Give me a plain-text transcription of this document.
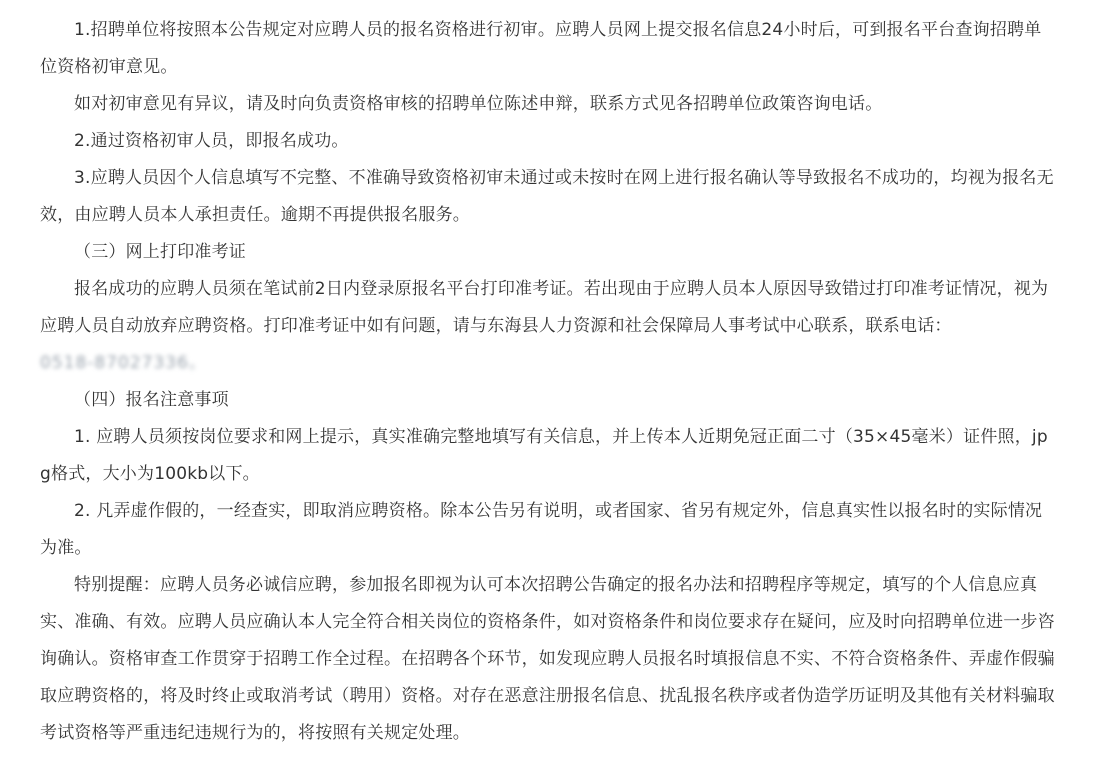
1.招聘单位将按照本公告规定对应聘人员的报名资格进行初审。应聘人员网上提交报名信息24小时后，可到报名平台查询招聘单位资格初审意见。

如对初审意见有异议，请及时向负责资格审核的招聘单位陈述申辩，联系方式见各招聘单位政策咨询电话。

2.通过资格初审人员，即报名成功。

3.应聘人员因个人信息填写不完整、不准确导致资格初审未通过或未按时在网上进行报名确认等导致报名不成功的，均视为报名无效，由应聘人员本人承担责任。逾期不再提供报名服务。

（三）网上打印准考证

报名成功的应聘人员须在笔试前2日内登录原报名平台打印准考证。若出现由于应聘人员本人原因导致错过打印准考证情况，视为应聘人员自动放弃应聘资格。打印准考证中如有问题，请与东海县人力资源和社会保障局人事考试中心联系，联系电话：0518-87027336。

（四）报名注意事项

1. 应聘人员须按岗位要求和网上提示，真实准确完整地填写有关信息，并上传本人近期免冠正面二寸（35×45毫米）证件照，jpg格式，大小为100kb以下。

2. 凡弄虚作假的，一经查实，即取消应聘资格。除本公告另有说明，或者国家、省另有规定外，信息真实性以报名时的实际情况为准。

特别提醒：应聘人员务必诚信应聘，参加报名即视为认可本次招聘公告确定的报名办法和招聘程序等规定，填写的个人信息应真实、准确、有效。应聘人员应确认本人完全符合相关岗位的资格条件，如对资格条件和岗位要求存在疑问，应及时向招聘单位进一步咨询确认。资格审查工作贯穿于招聘工作全过程。在招聘各个环节，如发现应聘人员报名时填报信息不实、不符合资格条件、弄虚作假骗取应聘资格的，将及时终止或取消考试（聘用）资格。对存在恶意注册报名信息、扰乱报名秩序或者伪造学历证明及其他有关材料骗取考试资格等严重违纪违规行为的，将按照有关规定处理。
